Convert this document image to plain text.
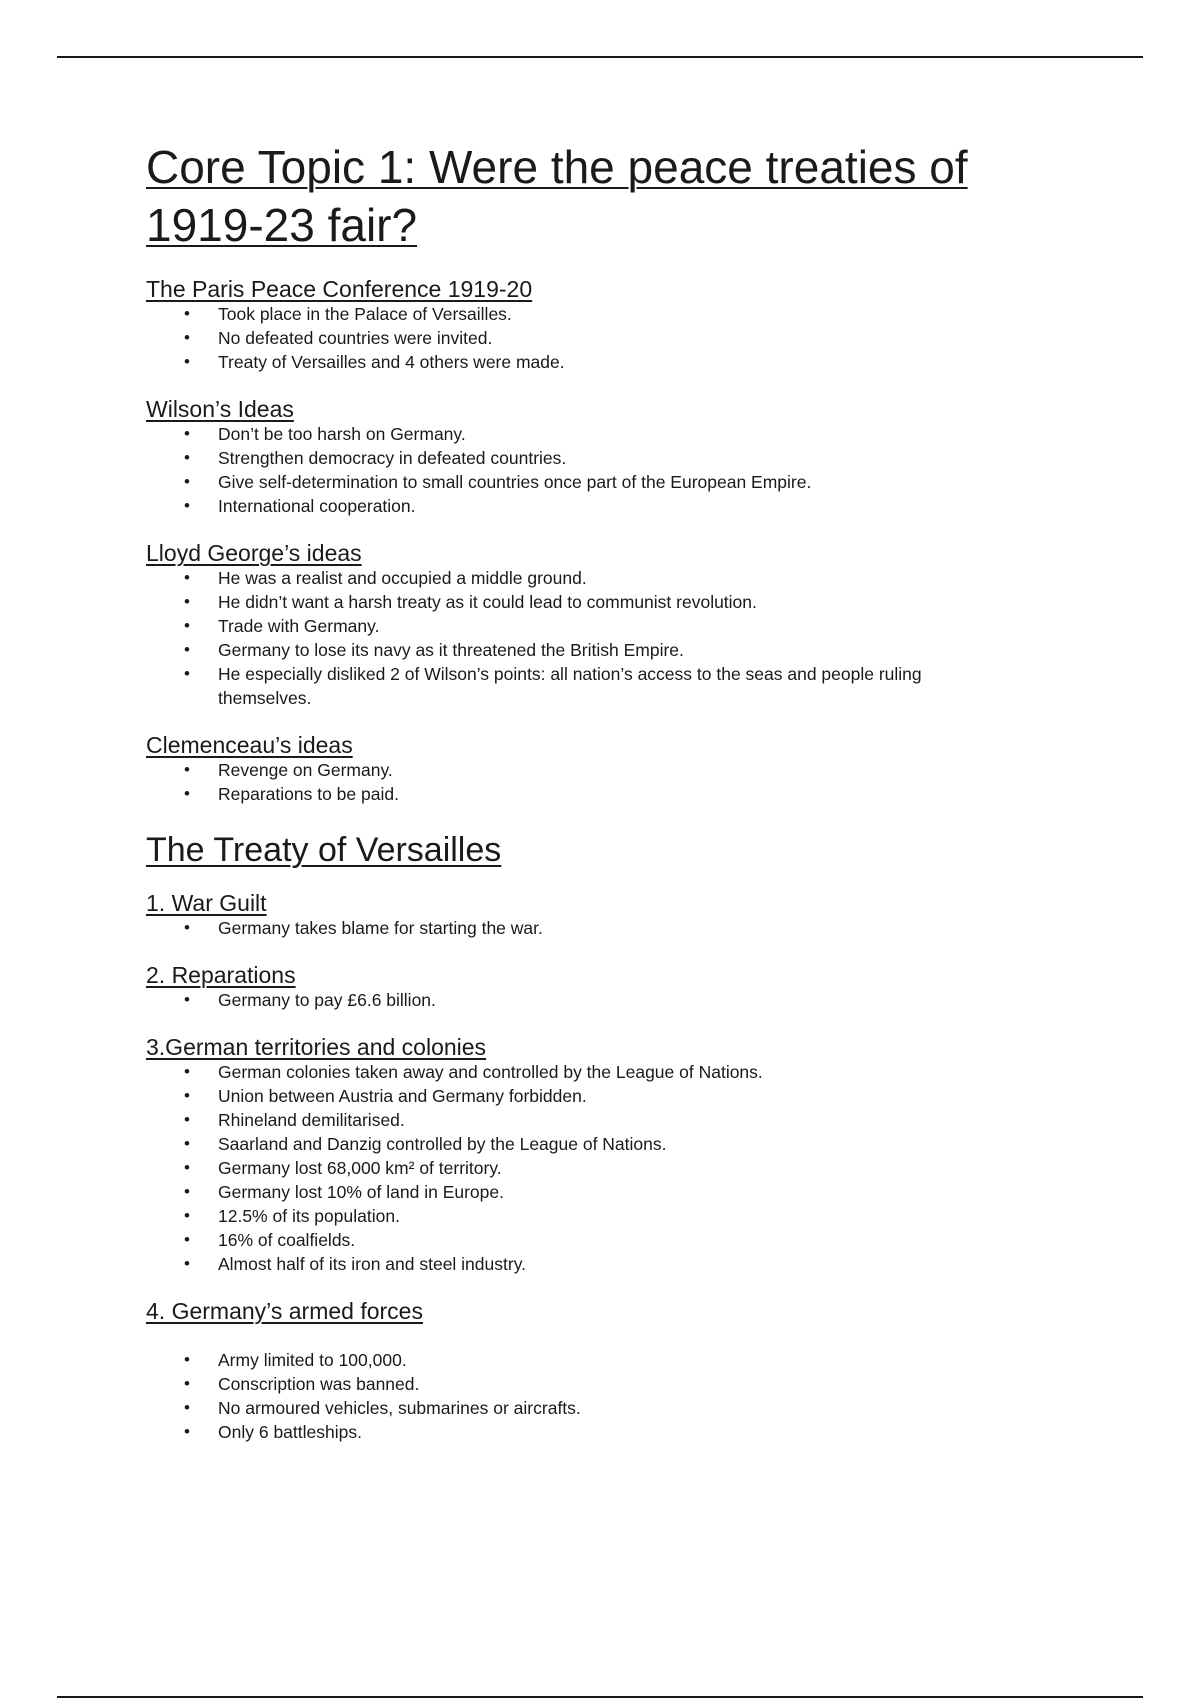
Core Topic 1: Were the peace treaties of 1919-23 fair?
The Paris Peace Conference 1919-20
• Took place in the Palace of Versailles.
• No defeated countries were invited.
• Treaty of Versailles and 4 others were made.
Wilson’s Ideas
• Don’t be too harsh on Germany.
• Strengthen democracy in defeated countries.
• Give self-determination to small countries once part of the European Empire.
• International cooperation.
Lloyd George’s ideas
• He was a realist and occupied a middle ground.
• He didn’t want a harsh treaty as it could lead to communist revolution.
• Trade with Germany.
• Germany to lose its navy as it threatened the British Empire.
• He especially disliked 2 of Wilson’s points: all nation’s access to the seas and people ruling themselves.
Clemenceau’s ideas
• Revenge on Germany.
• Reparations to be paid.
The Treaty of Versailles
1. War Guilt
• Germany takes blame for starting the war.
2. Reparations
• Germany to pay £6.6 billion.
3.German territories and colonies
• German colonies taken away and controlled by the League of Nations.
• Union between Austria and Germany forbidden.
• Rhineland demilitarised.
• Saarland and Danzig controlled by the League of Nations.
• Germany lost 68,000 km² of territory.
• Germany lost 10% of land in Europe.
• 12.5% of its population.
• 16% of coalfields.
• Almost half of its iron and steel industry.
4. Germany’s armed forces
• Army limited to 100,000.
• Conscription was banned.
• No armoured vehicles, submarines or aircrafts.
• Only 6 battleships.
